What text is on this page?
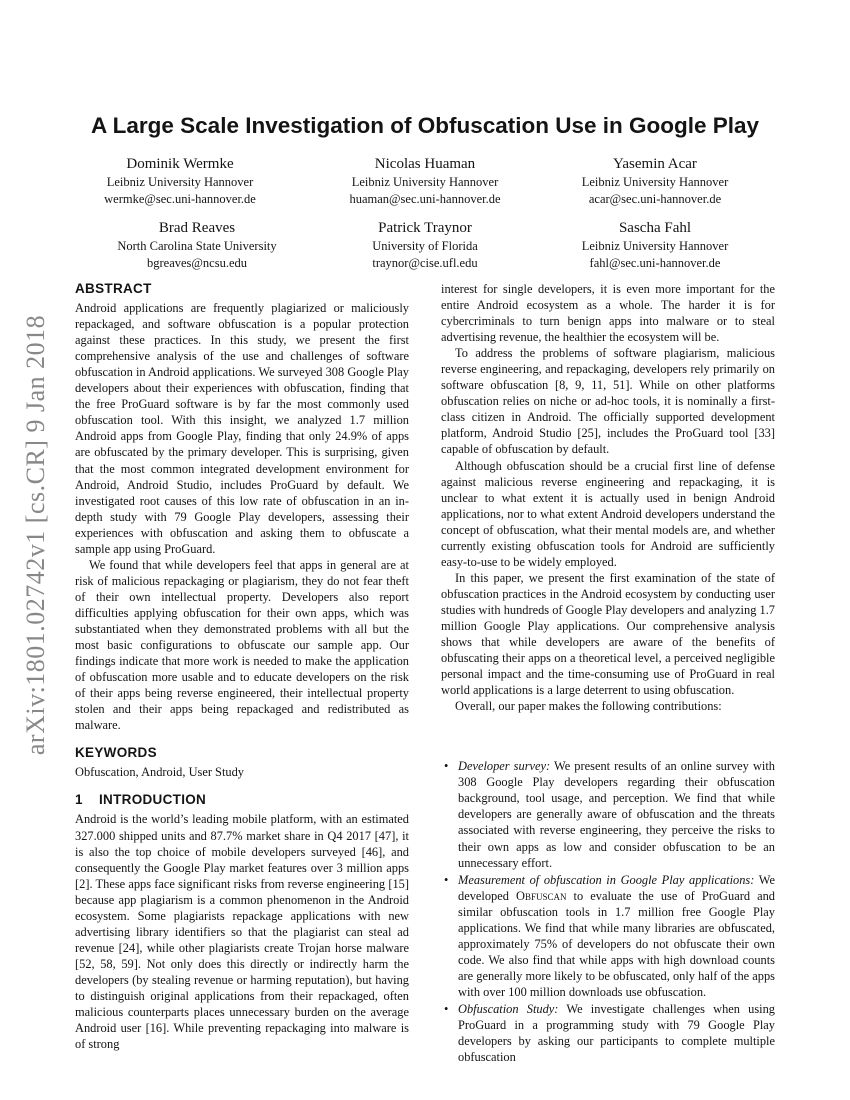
arXiv:1801.02742v1 [cs.CR] 9 Jan 2018
A Large Scale Investigation of Obfuscation Use in Google Play
Dominik Wermke
Leibniz University Hannover
wermke@sec.uni-hannover.de
Nicolas Huaman
Leibniz University Hannover
huaman@sec.uni-hannover.de
Yasemin Acar
Leibniz University Hannover
acar@sec.uni-hannover.de
Brad Reaves
North Carolina State University
bgreaves@ncsu.edu
Patrick Traynor
University of Florida
traynor@cise.ufl.edu
Sascha Fahl
Leibniz University Hannover
fahl@sec.uni-hannover.de
ABSTRACT

Android applications are frequently plagiarized or maliciously repackaged, and software obfuscation is a popular protection against these practices. In this study, we present the first comprehensive analysis of the use and challenges of software obfuscation in Android applications. We surveyed 308 Google Play developers about their experiences with obfuscation, finding that the free ProGuard software is by far the most commonly used obfuscation tool. With this insight, we analyzed 1.7 million Android apps from Google Play, finding that only 24.9% of apps are obfuscated by the primary developer. This is surprising, given that the most common integrated development environment for Android, Android Studio, includes ProGuard by default. We investigated root causes of this low rate of obfuscation in an in-depth study with 79 Google Play developers, assessing their experiences with obfuscation and asking them to obfuscate a sample app using ProGuard.

We found that while developers feel that apps in general are at risk of malicious repackaging or plagiarism, they do not fear theft of their own intellectual property. Developers also report difficulties applying obfuscation for their own apps, which was substantiated when they demonstrated problems with all but the most basic configurations to obfuscate our sample app. Our findings indicate that more work is needed to make the application of obfuscation more usable and to educate developers on the risk of their apps being reverse engineered, their intellectual property stolen and their apps being repackaged and redistributed as malware.

KEYWORDS

Obfuscation, Android, User Study

1 INTRODUCTION

Android is the world’s leading mobile platform, with an estimated 327.000 shipped units and 87.7% market share in Q4 2017 [47], it is also the top choice of mobile developers surveyed [46], and consequently the Google Play market features over 3 million apps [2]. These apps face significant risks from reverse engineering [15] because app plagiarism is a common phenomenon in the Android ecosystem. Some plagiarists repackage applications with new advertising library identifiers so that the plagiarist can steal ad revenue [24], while other plagiarists create Trojan horse malware [52, 58, 59]. Not only does this directly or indirectly harm the developers (by stealing revenue or harming reputation), but having to distinguish original applications from their repackaged, often malicious counterparts places unnecessary burden on the average Android user [16]. While preventing repackaging into malware is of strong

interest for single developers, it is even more important for the entire Android ecosystem as a whole. The harder it is for cybercriminals to turn benign apps into malware or to steal advertising revenue, the healthier the ecosystem will be.

To address the problems of software plagiarism, malicious reverse engineering, and repackaging, developers rely primarily on software obfuscation [8, 9, 11, 51]. While on other platforms obfuscation relies on niche or ad-hoc tools, it is nominally a first-class citizen in Android. The officially supported development platform, Android Studio [25], includes the ProGuard tool [33] capable of obfuscation by default.

Although obfuscation should be a crucial first line of defense against malicious reverse engineering and repackaging, it is unclear to what extent it is actually used in benign Android applications, nor to what extent Android developers understand the concept of obfuscation, what their mental models are, and whether currently existing obfuscation tools for Android are sufficiently easy-to-use to be widely employed.

In this paper, we present the first examination of the state of obfuscation practices in the Android ecosystem by conducting user studies with hundreds of Google Play developers and analyzing 1.7 million Google Play applications. Our comprehensive analysis shows that while developers are aware of the benefits of obfuscating their apps on a theoretical level, a perceived negligible personal impact and the time-consuming use of ProGuard in real world applications is a large deterrent to using obfuscation.

Overall, our paper makes the following contributions:

• Developer survey: We present results of an online survey with 308 Google Play developers regarding their obfuscation background, tool usage, and perception. We find that while developers are generally aware of obfuscation and the threats associated with reverse engineering, they perceive the risks to their own apps as low and consider obfuscation to be an unnecessary effort.
• Measurement of obfuscation in Google Play applications: We developed Obfuscan to evaluate the use of ProGuard and similar obfuscation tools in 1.7 million free Google Play applications. We find that while many libraries are obfuscated, approximately 75% of developers do not obfuscate their own code. We also find that while apps with high download counts are generally more likely to be obfuscated, only half of the apps with over 100 million downloads use obfuscation.
• Obfuscation Study: We investigate challenges when using ProGuard in a programming study with 79 Google Play developers by asking our participants to complete multiple obfuscation
